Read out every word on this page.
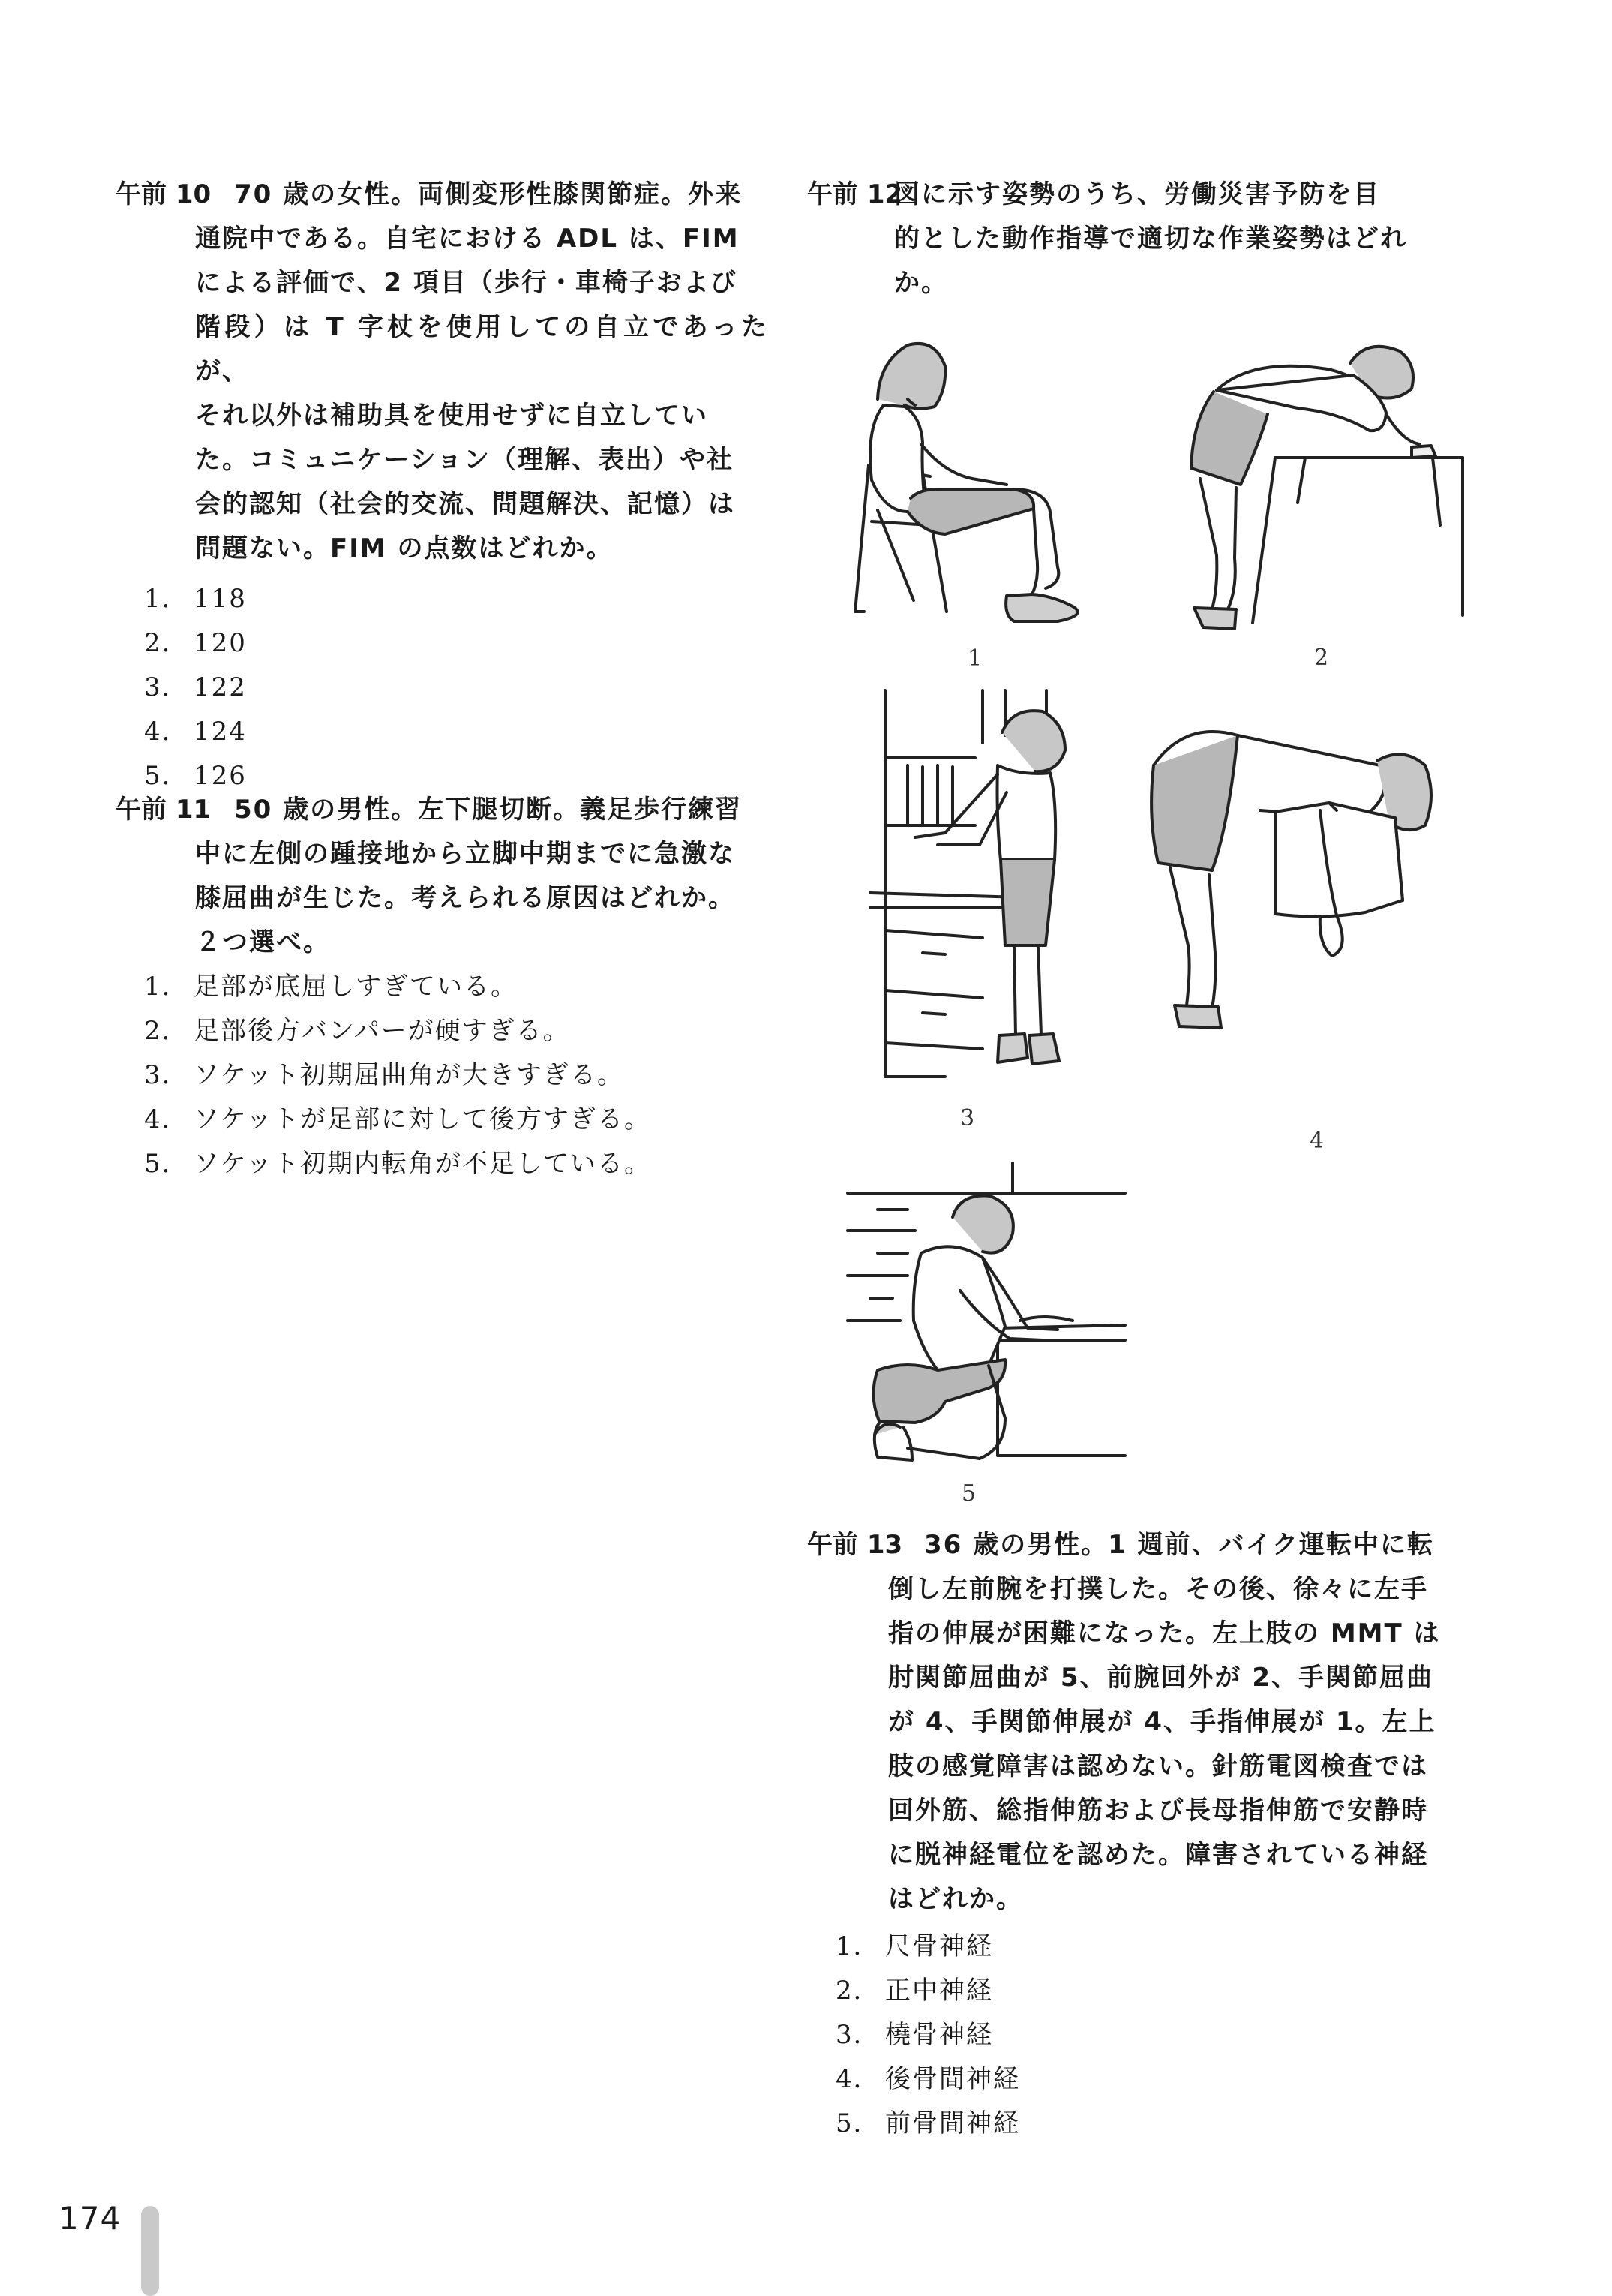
午前 10 70 歳の女性。両側変形性膝関節症。外来
通院中である。自宅における ADL は、FIM
による評価で、2 項目（歩行・車椅子および
階段）は T 字杖を使用しての自立であったが、
それ以外は補助具を使用せずに自立してい
た。コミュニケーション（理解、表出）や社
会的認知（社会的交流、問題解決、記憶）は
問題ない。FIM の点数はどれか。
1． 118
2． 120
3． 122
4． 124
5． 126
午前 11 50 歳の男性。左下腿切断。義足歩行練習
中に左側の踵接地から立脚中期までに急激な
膝屈曲が生じた。考えられる原因はどれか。
２つ選べ。
1． 足部が底屈しすぎている。
2． 足部後方バンパーが硬すぎる。
3． ソケット初期屈曲角が大きすぎる。
4． ソケットが足部に対して後方すぎる。
5． ソケット初期内転角が不足している。
午前 12
図に示す姿勢のうち、労働災害予防を目
的とした動作指導で適切な作業姿勢はどれ
か。
1	2
3
4
5
午前 13 36 歳の男性。1 週前、バイク運転中に転
倒し左前腕を打撲した。その後、徐々に左手
指の伸展が困難になった。左上肢の MMT は
肘関節屈曲が 5、前腕回外が 2、手関節屈曲
が 4、手関節伸展が 4、手指伸展が 1。左上
肢の感覚障害は認めない。針筋電図検査では
回外筋、総指伸筋および長母指伸筋で安静時
に脱神経電位を認めた。障害されている神経
はどれか。
1． 尺骨神経
2． 正中神経
3． 橈骨神経
4． 後骨間神経
5． 前骨間神経
174
